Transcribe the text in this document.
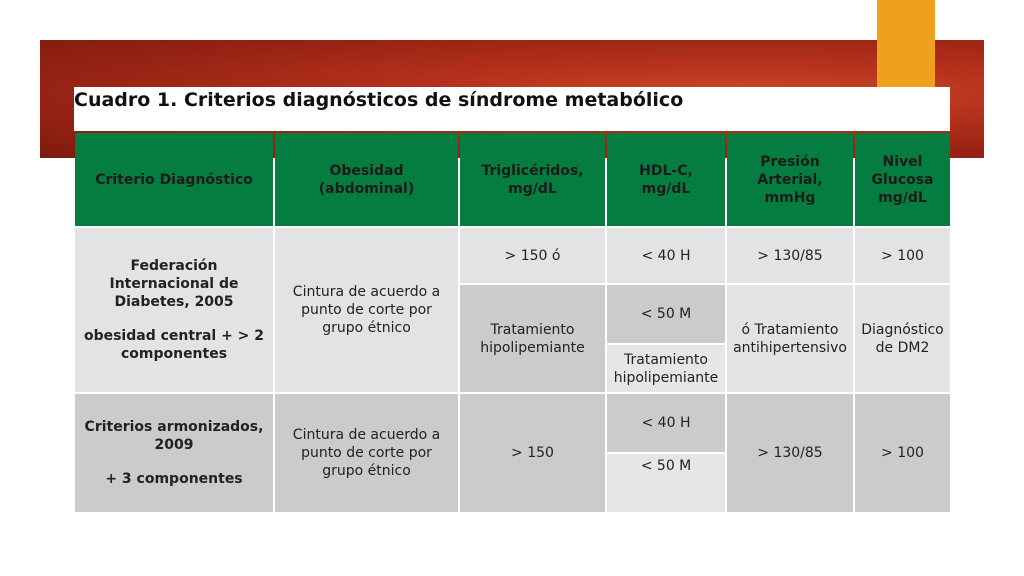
Cuadro 1. Criterios diagnósticos de síndrome metabólico
Criterio Diagnóstico
Obesidad (abdominal)
Triglicéridos, mg/dL
HDL-C, mg/dL
Presión Arterial, mmHg
Nivel Glucosa mg/dL
Federación Internacional de Diabetes, 2005
obesidad central + > 2 componentes
Cintura de acuerdo a punto de corte por grupo étnico
> 150 ó
Tratamiento hipolipemiante
< 40 H
< 50 M
Tratamiento hipolipemiante
> 130/85
ó Tratamiento antihipertensivo
> 100
Diagnóstico de DM2
Criterios armonizados, 2009
+ 3 componentes
Cintura de acuerdo a punto de corte por grupo étnico
> 150
< 40 H
< 50 M
> 130/85	> 100
